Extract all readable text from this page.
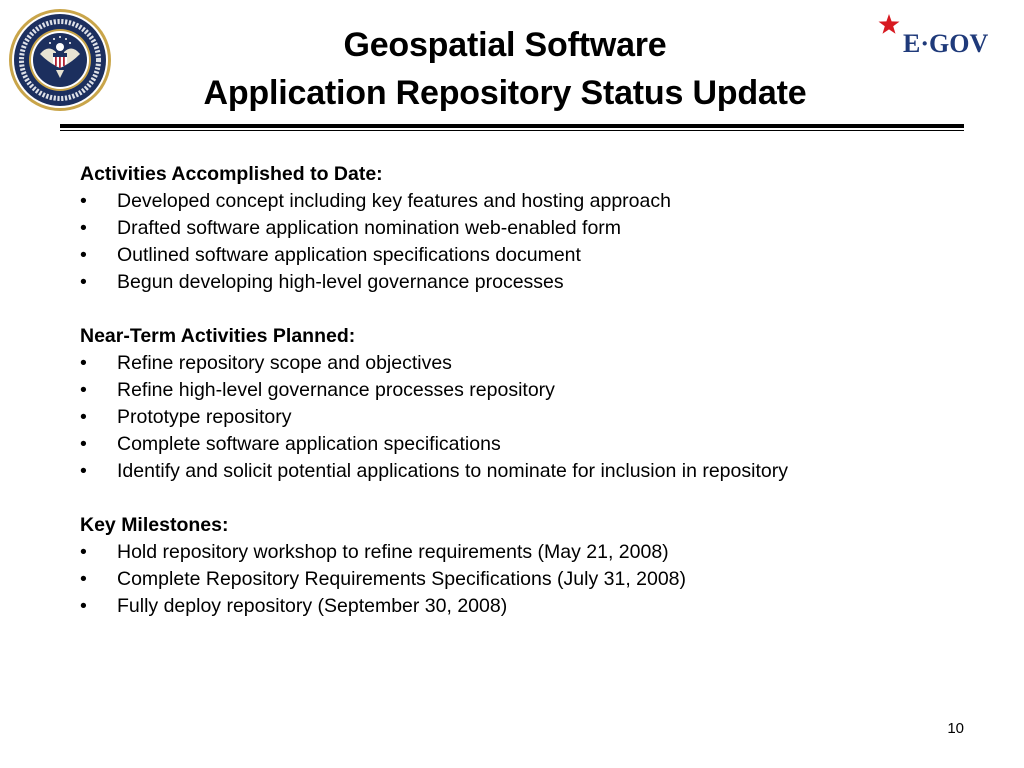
E·GOV
Geospatial Software
Application Repository Status Update
Activities Accomplished to Date:
• Developed concept including key features and hosting approach
• Drafted software application nomination web-enabled form
• Outlined software application specifications document
• Begun developing high-level governance processes
Near-Term Activities Planned:
• Refine repository scope and objectives
• Refine high-level governance processes repository
• Prototype repository
• Complete software application specifications
• Identify and solicit potential applications to nominate for inclusion in repository
Key Milestones:
• Hold repository workshop to refine requirements (May 21, 2008)
• Complete Repository Requirements Specifications (July 31, 2008)
• Fully deploy repository (September 30, 2008)
10
